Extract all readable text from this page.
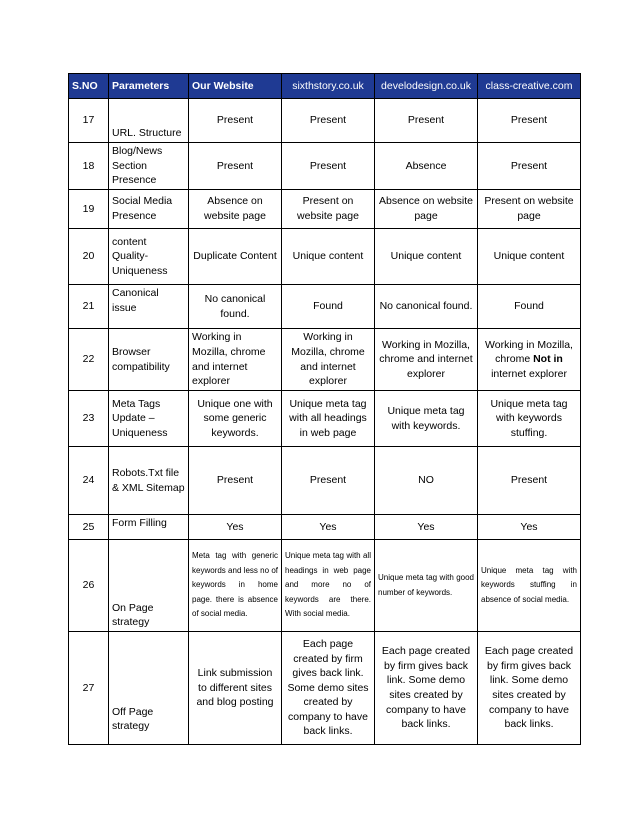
S.NO	Parameters	Our Website	sixthstory.co.uk	develodesign.co.uk	class-creative.com
17	URL. Structure	Present	Present	Present	Present
18	Blog/News Section Presence	Present	Present	Absence	Present
19	Social Media Presence	Absence on website page	Present on website page	Absence on website page	Present on website page
20	content Quality-Uniqueness	Duplicate Content	Unique content	Unique content	Unique content
21	Canonical issue	No canonical found.	Found	No canonical found.	Found
22	Browser compatibility	Working in Mozilla, chrome and internet explorer	Working in Mozilla, chrome and internet explorer	Working in Mozilla, chrome and internet explorer	Working in Mozilla, chrome Not in internet explorer
23	Meta Tags Update – Uniqueness	Unique one with some generic keywords.	Unique meta tag with all headings in web page	Unique meta tag with keywords.	Unique meta tag with keywords stuffing.
24	Robots.Txt file & XML Sitemap	Present	Present	NO	Present
25	Form Filling	Yes	Yes	Yes	Yes
26	On Page strategy	Meta tag with generic keywords and less no of keywords in home page. there is absence of social media.	Unique meta tag with all headings in web page and more no of keywords are there. With social media.	Unique meta tag with good number of keywords.	Unique meta tag with keywords stuffing in absence of social media.
27	Off Page strategy	Link submission to different sites and blog posting	Each page created by firm gives back link. Some demo sites created by company to have back links.	Each page created by firm gives back link. Some demo sites created by company to have back links.	Each page created by firm gives back link. Some demo sites created by company to have back links.
